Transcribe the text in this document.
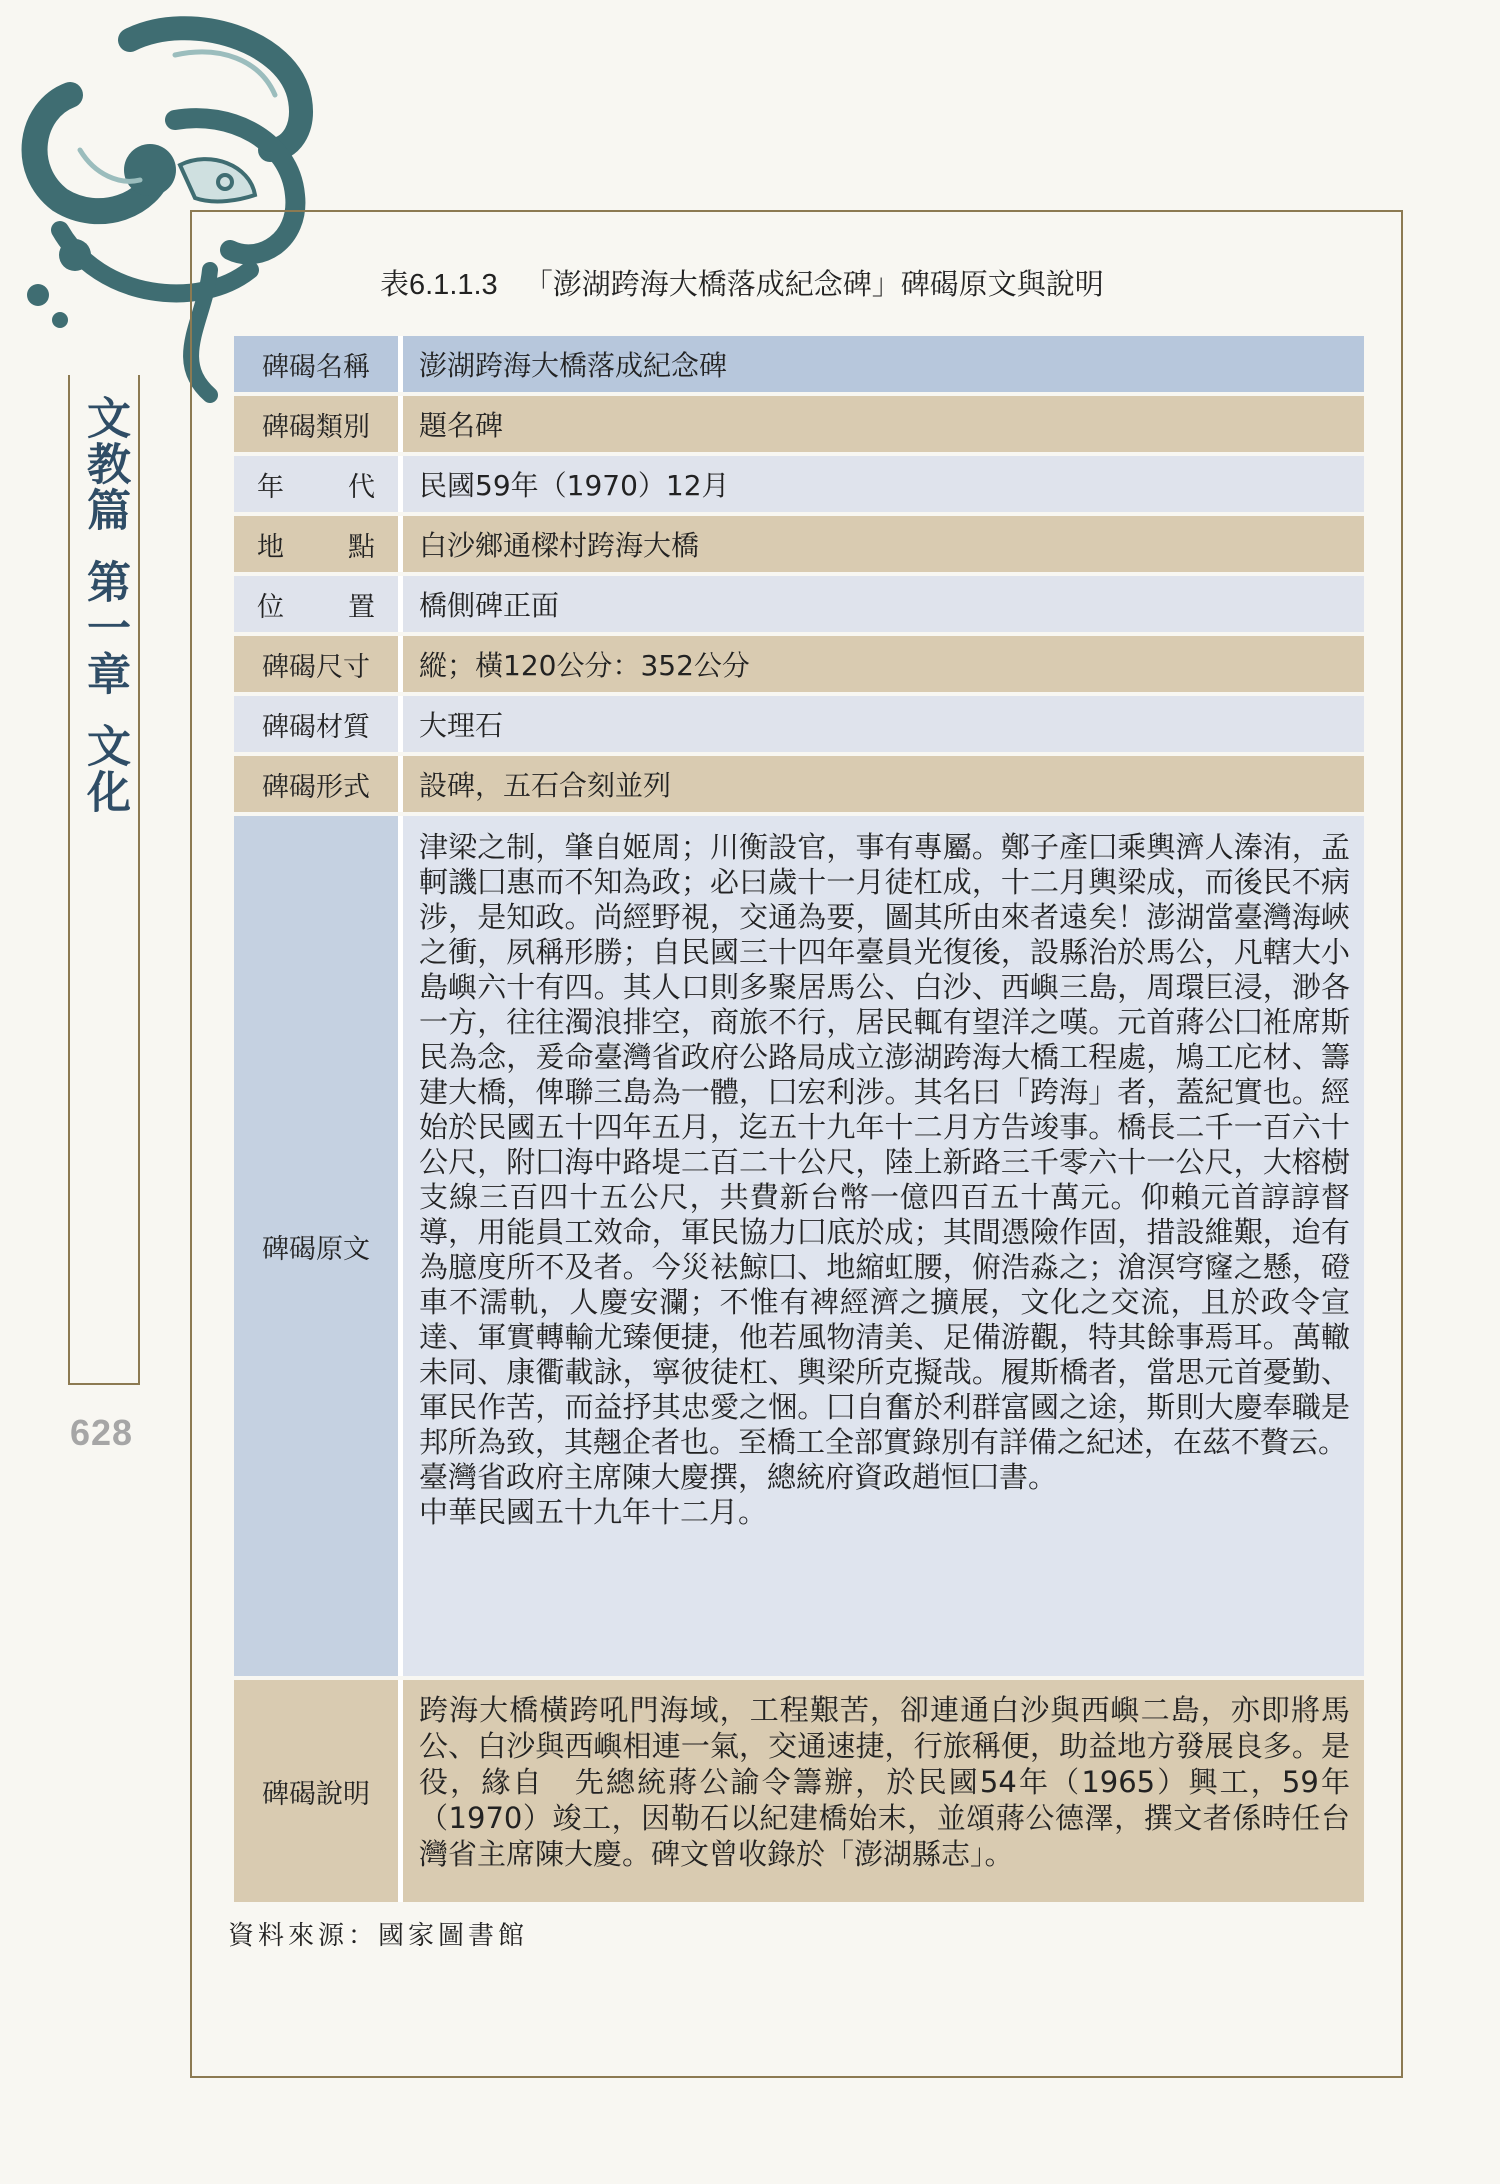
文教篇第一章文化
628
表6.1.1.3 「澎湖跨海大橋落成紀念碑」碑碣原文與說明
碑碣名稱	澎湖跨海大橋落成紀念碑
碑碣類別	題名碑
年　代	民國59年（1970）12月
地　點	白沙鄉通樑村跨海大橋
位　置	橋側碑正面
碑碣尺寸	縱；橫120公分：352公分
碑碣材質	大理石
碑碣形式	設碑，五石合刻並列
碑碣原文	津梁之制，肇自姬周；川衡設官，事有專屬。鄭子產囗乘輿濟人溱洧，孟軻譏囗惠而不知為政；必曰歲十一月徒杠成，十二月輿梁成，而後民不病涉，是知政。尚經野視，交通為要，圖其所由來者遠矣！澎湖當臺灣海峽之衝，夙稱形勝；自民國三十四年臺員光復後，設縣治於馬公，凡轄大小島嶼六十有四。其人口則多聚居馬公、白沙、西嶼三島，周環巨浸，渺各一方，往往濁浪排空，商旅不行，居民輒有望洋之嘆。元首蔣公囗袵席斯民為念，爰命臺灣省政府公路局成立澎湖跨海大橋工程處，鳩工庀材、籌建大橋，俾聯三島為一體，囗宏利涉。其名曰「跨海」者，蓋紀實也。經始於民國五十四年五月，迄五十九年十二月方告竣事。橋長二千一百六十公尺，附囗海中路堤二百二十公尺，陸上新路三千零六十一公尺，大榕樹支線三百四十五公尺，共費新台幣一億四百五十萬元。仰賴元首諄諄督導，用能員工效命，軍民協力囗底於成；其間憑險作固，措設維艱，迨有為臆度所不及者。今災袪鯨囗、地縮虹腰，俯浩淼之；滄溟穹窿之懸，磴車不濡軌，人慶安瀾；不惟有裨經濟之擴展，文化之交流，且於政令宣達、軍實轉輸尤臻便捷，他若風物清美、足備游觀，特其餘事焉耳。萬轍未同、康衢載詠，寧彼徒杠、輿梁所克擬哉。履斯橋者，當思元首憂勤、軍民作苦，而益抒其忠愛之悃。囗自奮於利群富國之途，斯則大慶奉職是邦所為致，其翹企者也。至橋工全部實錄別有詳備之紀述，在茲不贅云。
臺灣省政府主席陳大慶撰，總統府資政趙恒囗書。
中華民國五十九年十二月。

碑碣說明	跨海大橋橫跨吼門海域，工程艱苦，卻連通白沙與西嶼二島，亦即將馬公、白沙與西嶼相連一氣，交通速捷，行旅稱便，助益地方發展良多。是役，緣自　先總統蔣公諭令籌辦，於民國54年（1965）興工，59年（1970）竣工，因勒石以紀建橋始末，並頌蔣公德澤，撰文者係時任台灣省主席陳大慶。碑文曾收錄於「澎湖縣志」。
資料來源：國家圖書館
